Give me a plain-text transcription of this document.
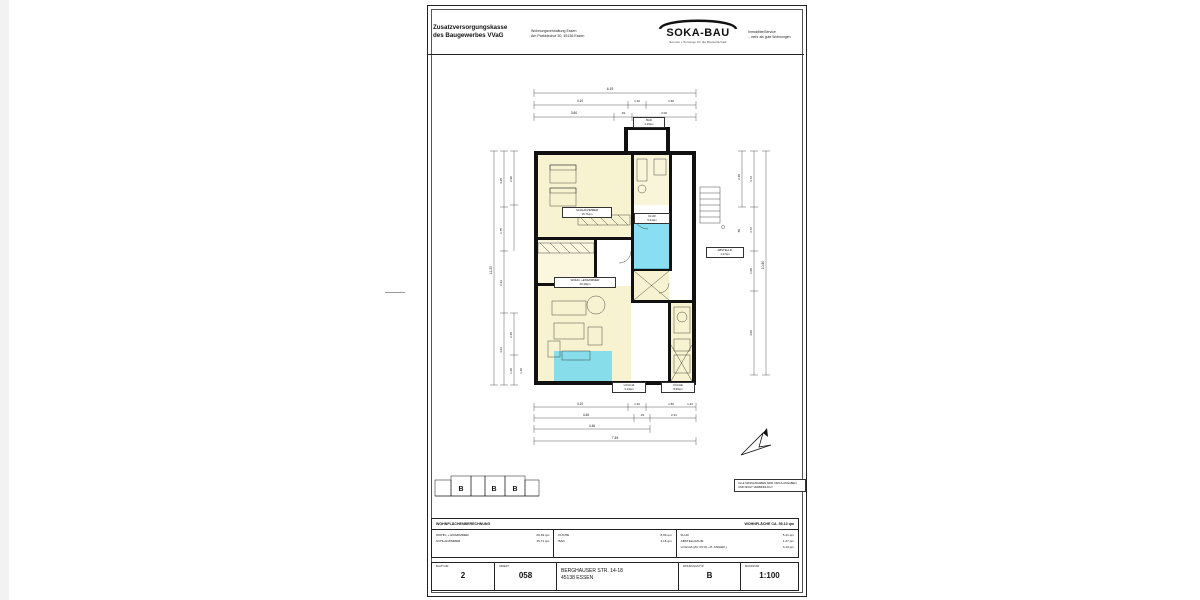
Zusatzversorgungskasse
des Baugewerbes VVaG
Wohnungsverwaltung Essen
Am Parkblechof 30, 45136 Essen	SOKA-BAU
Service • Vorsorge für die Bauwirtschaft
ImmobilienService
...mehr als gute Wohnungen
6.19
4.10	1.32	1.50
3.60	.33	2.00
4.10	1.32	1.50	1.31
4.46	.33	2.31
4.46
7.49
11.20
4.25
1.75
2.23
4.63
2.90
2.40
1.40 1.40
10.80
3.72
3.72
1.08
4.00
2.48
.50
SCHLAFZIMMER
15.71qm
WOHN- +ESSZIMMER
20.49qm
FLUR
5.41qm
BAD
4.16qm
KÜCHE
8.96qm
ABSTELLR.
1.27qm
LOGGIA
3.13qm
ALLE MASSANGABEN SIND CIRCA-ANGABEN UND NICHT VERBINDLICH !
B	B B
WOHNFLÄCHENBERECHNUNG	WOHNFLÄCHE CA. 59.13 qm
WOHN- + ESSZIMMER	20.49 qm
SCHLAFZIMMER	15.71 qm
KÜCHE	8.96 qm
BAD	4.16 qm
FLUR	5.41 qm
ABSTELLRAUM	1.27 qm
LOGGIA (ZU 33 %) +H. ANGER.)	3.13 qm
BLATT-NR.
2
OBJEKT
058	BERGHAUSER STR. 14-18
45138 ESSEN
WOHNUNGSTYP
B
MASSSTAB
1:100
